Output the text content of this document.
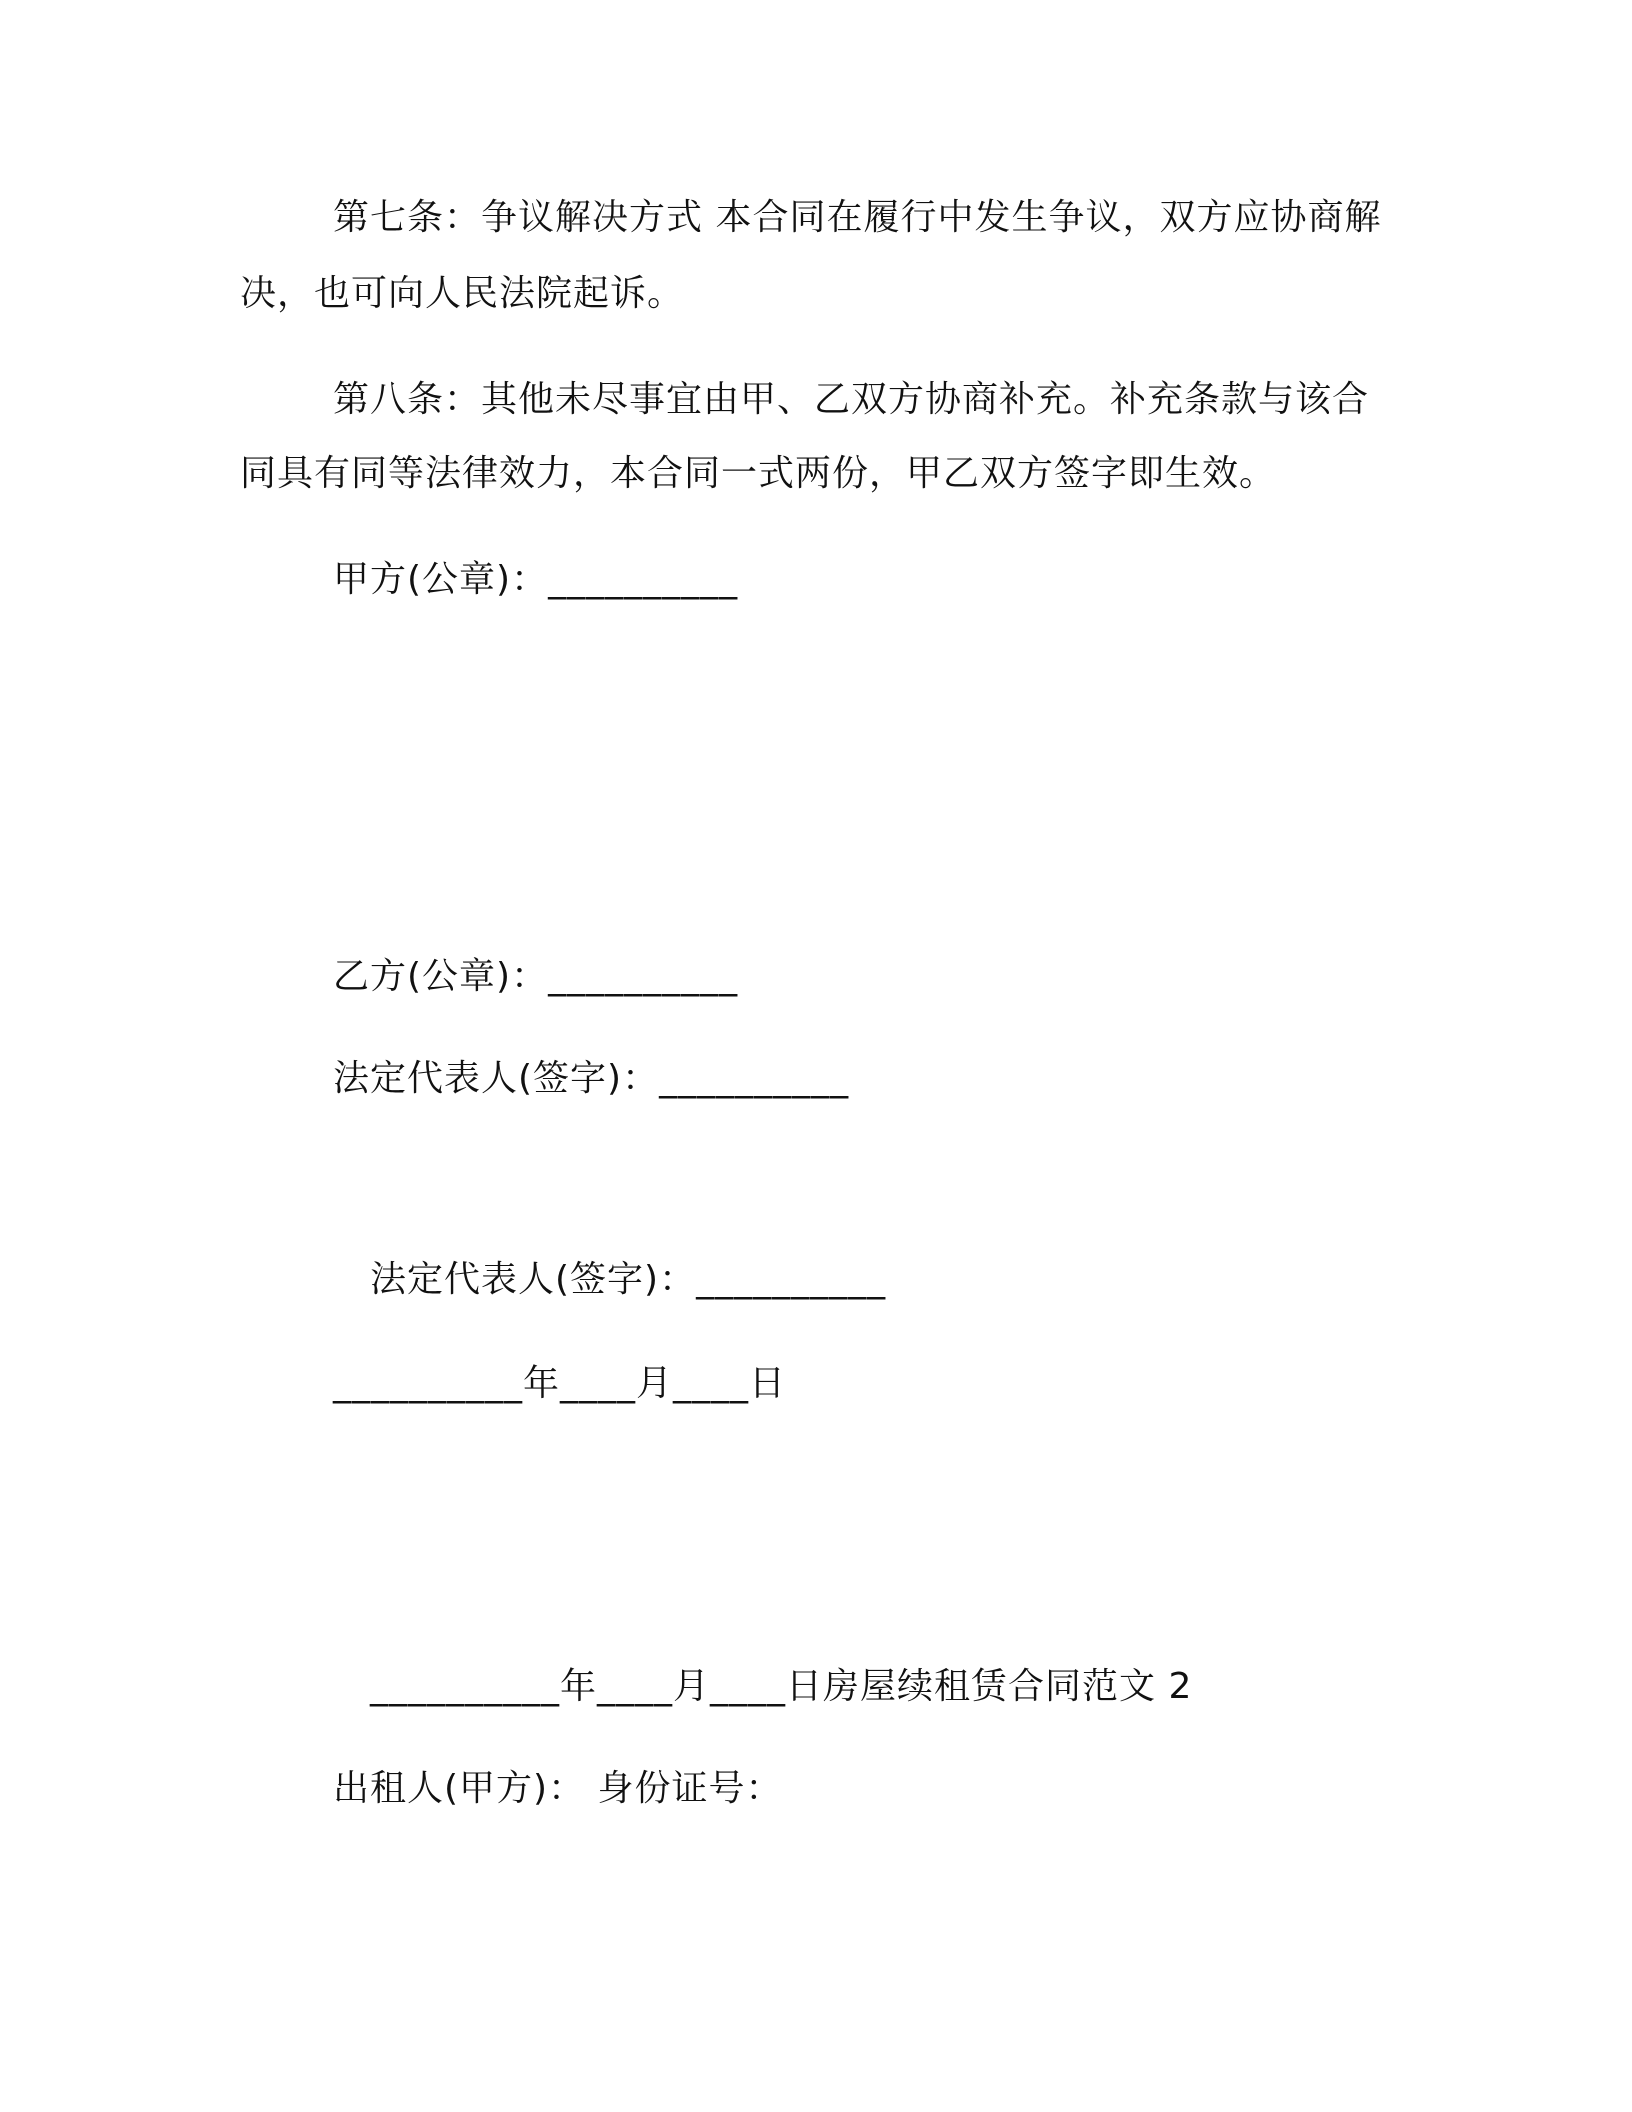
第七条：争议解决方式 本合同在履行中发生争议，双方应协商解
决，也可向人民法院起诉。
第八条：其他未尽事宜由甲、乙双方协商补充。补充条款与该合
同具有同等法律效力，本合同一式两份，甲乙双方签字即生效。
甲方(公章)：__________
乙方(公章)：__________
法定代表人(签字)：__________
法定代表人(签字)：__________
__________年____月____日
__________年____月____日房屋续租赁合同范文 2
出租人(甲方)： 身份证号：
